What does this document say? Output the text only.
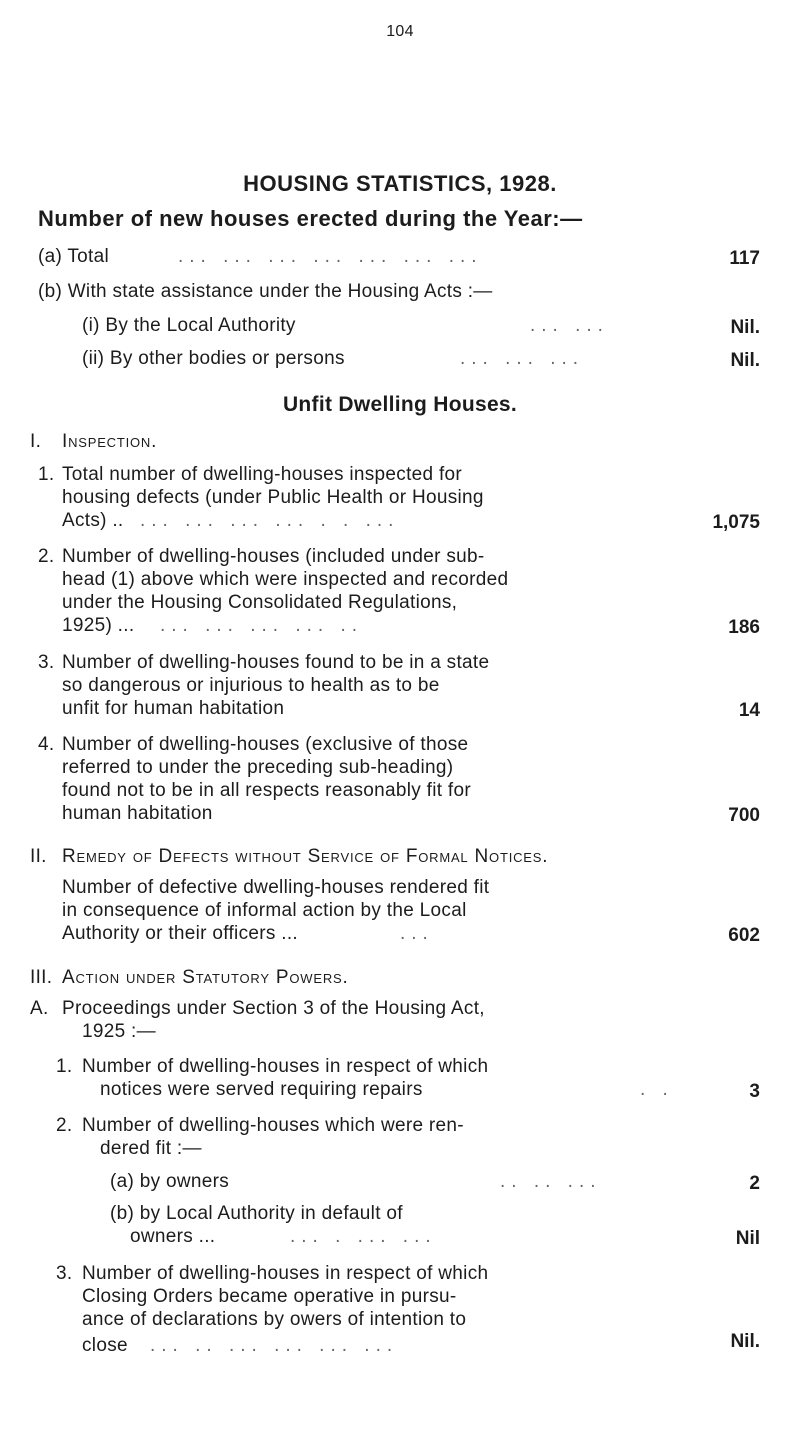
104
HOUSING STATISTICS, 1928.
Number of new houses erected during the Year:—
(a) Total	... ... ... ... ... ... ...	117
(b) With state assistance under the Housing Acts :—
(i) By the Local Authority	... ...	Nil.
(ii) By other bodies or persons	... ... ...	Nil.
Unfit Dwelling Houses.
I. Inspection.
1. Total number of dwelling-houses inspected for
housing defects (under Public Health or Housing
Acts) .. ... ... ... ... . . ...	1,075
2. Number of dwelling-houses (included under sub-
head (1) above which were inspected and recorded
under the Housing Consolidated Regulations,
1925) ... ... ... ... ... ..	186
3. Number of dwelling-houses found to be in a state
so dangerous or injurious to health as to be
unfit for human habitation	14
4. Number of dwelling-houses (exclusive of those
referred to under the preceding sub-heading)
found not to be in all respects reasonably fit for
human habitation	700
II. Remedy of Defects without Service of Formal Notices.
Number of defective dwelling-houses rendered fit
in consequence of informal action by the Local
Authority or their officers ...	...	602
III. Action under Statutory Powers.
A. Proceedings under Section 3 of the Housing Act,
1925 :—
1. Number of dwelling-houses in respect of which
notices were served requiring repairs	. .	3
2. Number of dwelling-houses which were ren-
dered fit :—
(a) by owners	.. .. ...	2
(b) by Local Authority in default of
owners ...	... . ... ...	Nil
3. Number of dwelling-houses in respect of which
Closing Orders became operative in pursu-
ance of declarations by owers of intention to
close ... .. ... ... ... ...	Nil.
